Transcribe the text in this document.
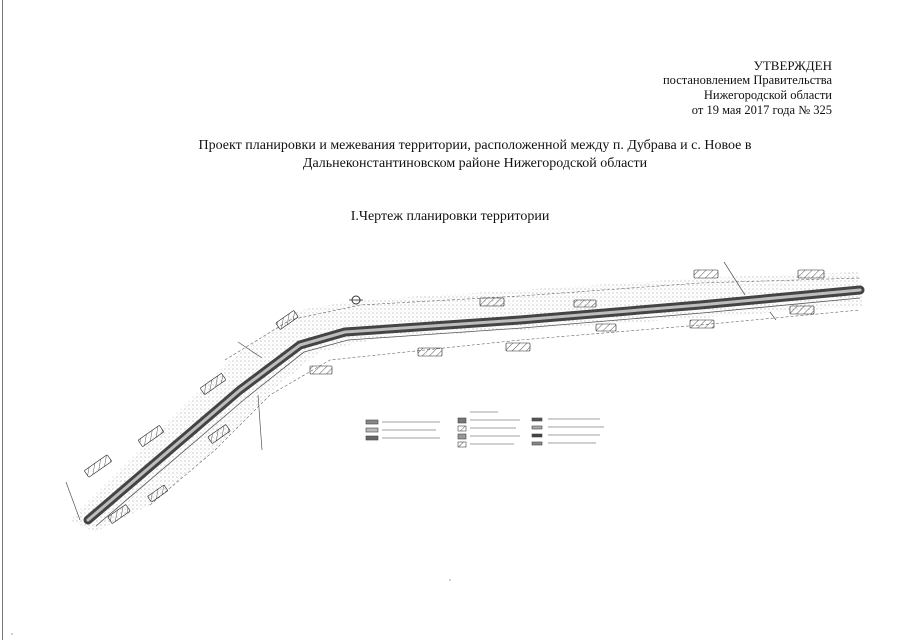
УТВЕРЖДЕН
постановлением Правительства
Нижегородской области
от 19 мая 2017 года № 325
Проект планировки и межевания территории, расположенной между п. Дубрава и с. Новое в
Дальнеконстантиновском районе Нижегородской области
I.Чертеж планировки территории
